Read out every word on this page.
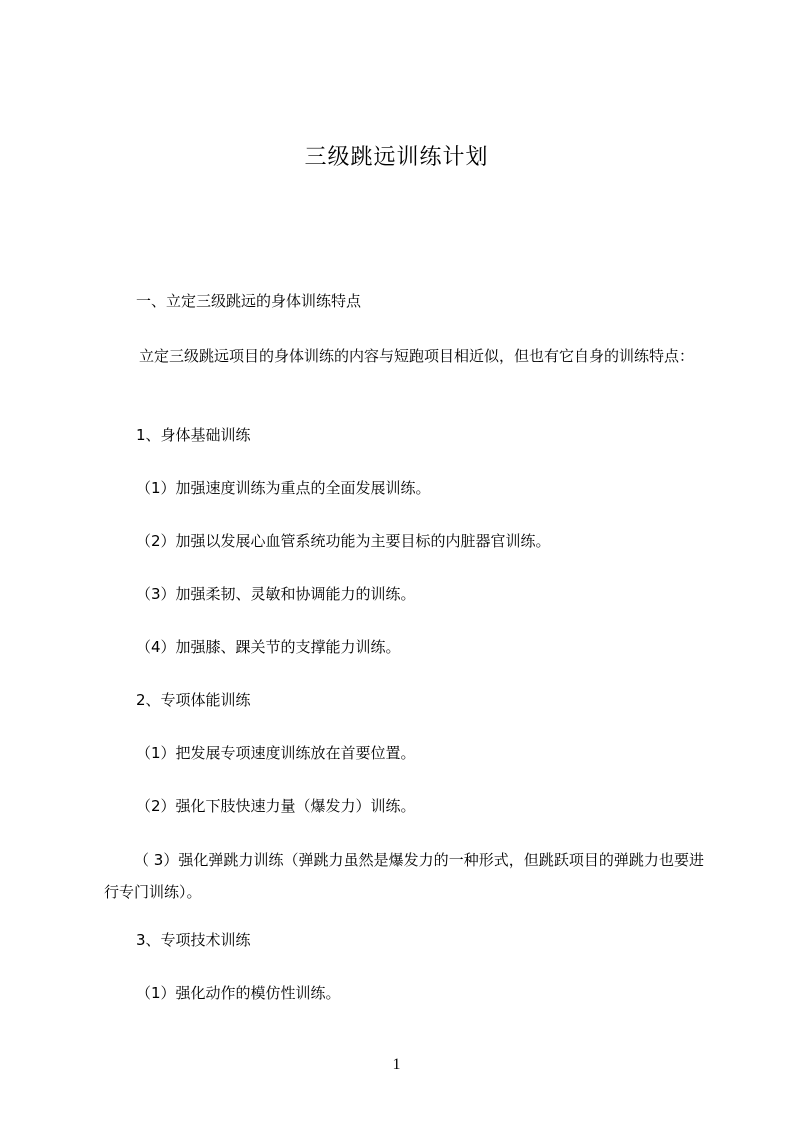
三级跳远训练计划
一、立定三级跳远的身体训练特点
立定三级跳远项目的身体训练的内容与短跑项目相近似，但也有它自身的训练特点：
1、身体基础训练
（1）加强速度训练为重点的全面发展训练。
（2）加强以发展心血管系统功能为主要目标的内脏器官训练。
（3）加强柔韧、灵敏和协调能力的训练。
（4）加强膝、踝关节的支撑能力训练。
2、专项体能训练
（1）把发展专项速度训练放在首要位置。
（2）强化下肢快速力量（爆发力）训练。
（ 3）强化弹跳力训练（弹跳力虽然是爆发力的一种形式，但跳跃项目的弹跳力也要进行专门训练）。
3、专项技术训练
（1）强化动作的模仿性训练。
1
